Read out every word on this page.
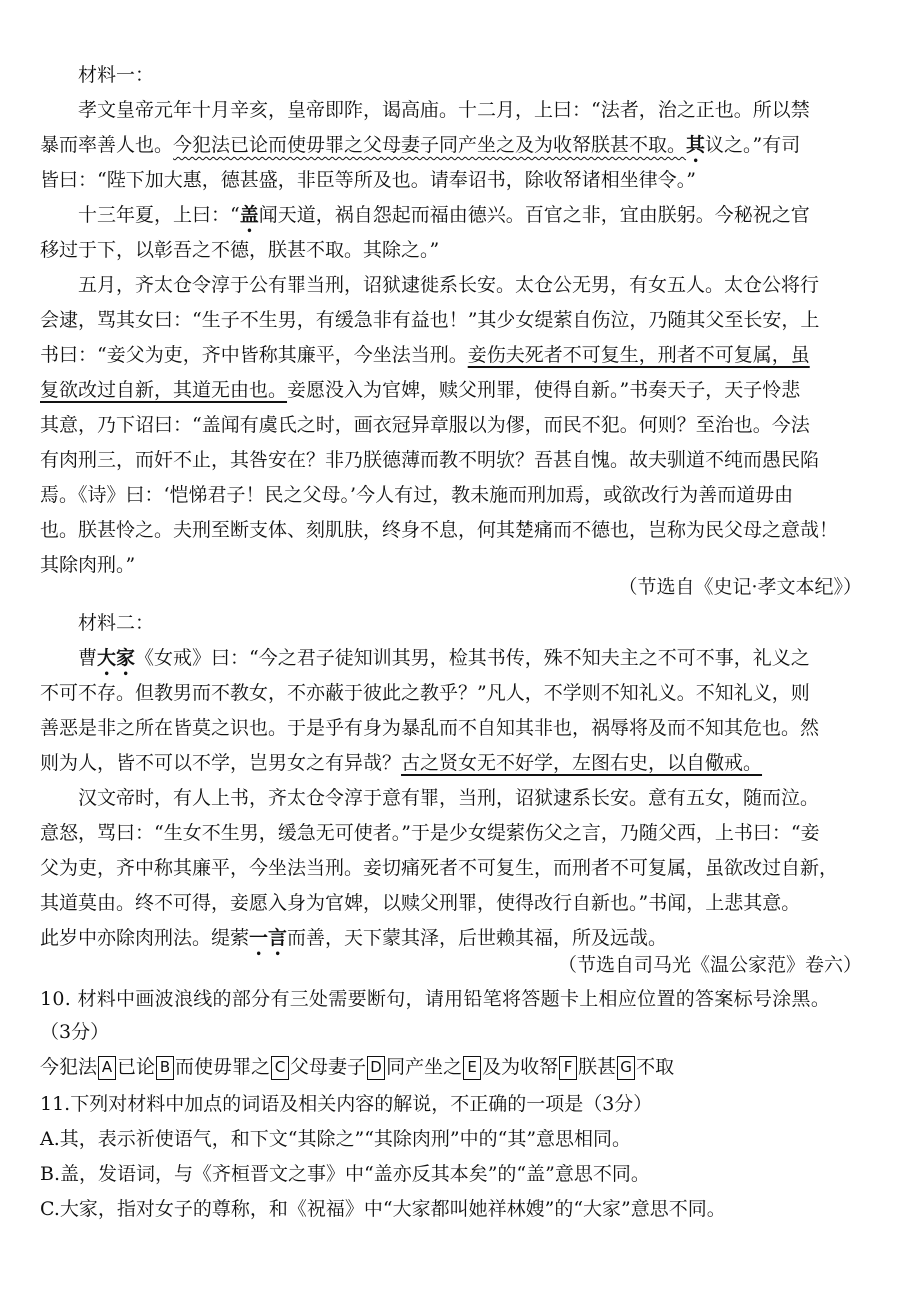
材料一：
孝文皇帝元年十月辛亥，皇帝即阼，谒高庙。十二月，上曰：“法者，治之正也。所以禁
暴而率善人也。今犯法已论而使毋罪之父母妻子同产坐之及为收帑朕甚不取。其议之。”有司
皆曰：“陛下加大惠，德甚盛，非臣等所及也。请奉诏书，除收帑诸相坐律令。”
十三年夏，上曰：“盖闻天道，祸自怨起而福由德兴。百官之非，宜由朕躬。今秘祝之官
移过于下，以彰吾之不德，朕甚不取。其除之。”
五月，齐太仓令淳于公有罪当刑，诏狱逮徙系长安。太仓公无男，有女五人。太仓公将行
会逮，骂其女曰：“生子不生男，有缓急非有益也！”其少女缇萦自伤泣，乃随其父至长安，上
书曰：“妾父为吏，齐中皆称其廉平，今坐法当刑。妾伤夫死者不可复生，刑者不可复属，虽
复欲改过自新，其道无由也。妾愿没入为官婢，赎父刑罪，使得自新。”书奏天子，天子怜悲
其意，乃下诏曰：“盖闻有虞氏之时，画衣冠异章服以为僇，而民不犯。何则？至治也。今法
有肉刑三，而奸不止，其咎安在？非乃朕德薄而教不明欤？吾甚自愧。故夫驯道不纯而愚民陷
焉。《诗》曰：‘恺悌君子！民之父母。’今人有过，教未施而刑加焉，或欲改行为善而道毋由
也。朕甚怜之。夫刑至断支体、刻肌肤，终身不息，何其楚痛而不德也，岂称为民父母之意哉！
其除肉刑。”
（节选自《史记·孝文本纪》）
材料二：
曹大家《女戒》曰：“今之君子徒知训其男，检其书传，殊不知夫主之不可不事，礼义之
不可不存。但教男而不教女，不亦蔽于彼此之教乎？”凡人，不学则不知礼义。不知礼义，则
善恶是非之所在皆莫之识也。于是乎有身为暴乱而不自知其非也，祸辱将及而不知其危也。然
则为人，皆不可以不学，岂男女之有异哉？古之贤女无不好学，左图右史，以自儆戒。
汉文帝时，有人上书，齐太仓令淳于意有罪，当刑，诏狱逮系长安。意有五女，随而泣。
意怒，骂曰：“生女不生男，缓急无可使者。”于是少女缇萦伤父之言，乃随父西，上书曰：“妾
父为吏，齐中称其廉平，今坐法当刑。妾切痛死者不可复生，而刑者不可复属，虽欲改过自新，
其道莫由。终不可得，妾愿入身为官婢，以赎父刑罪，使得改行自新也。”书闻，上悲其意。
此岁中亦除肉刑法。缇萦一言而善，天下蒙其泽，后世赖其福，所及远哉。
（节选自司马光《温公家范》卷六）
10. 材料中画波浪线的部分有三处需要断句，请用铅笔将答题卡上相应位置的答案标号涂黑。
（3分）
今犯法 A 已论 B 而使毋罪之 C 父母妻子 D 同产坐之 E 及为收帑 F 朕甚 G 不取
11.下列对材料中加点的词语及相关内容的解说，不正确的一项是（3分）
A.其，表示祈使语气，和下文“其除之”“其除肉刑”中的“其”意思相同。
B.盖，发语词，与《齐桓晋文之事》中“盖亦反其本矣”的“盖”意思不同。
C.大家，指对女子的尊称，和《祝福》中“大家都叫她祥林嫂”的“大家”意思不同。
